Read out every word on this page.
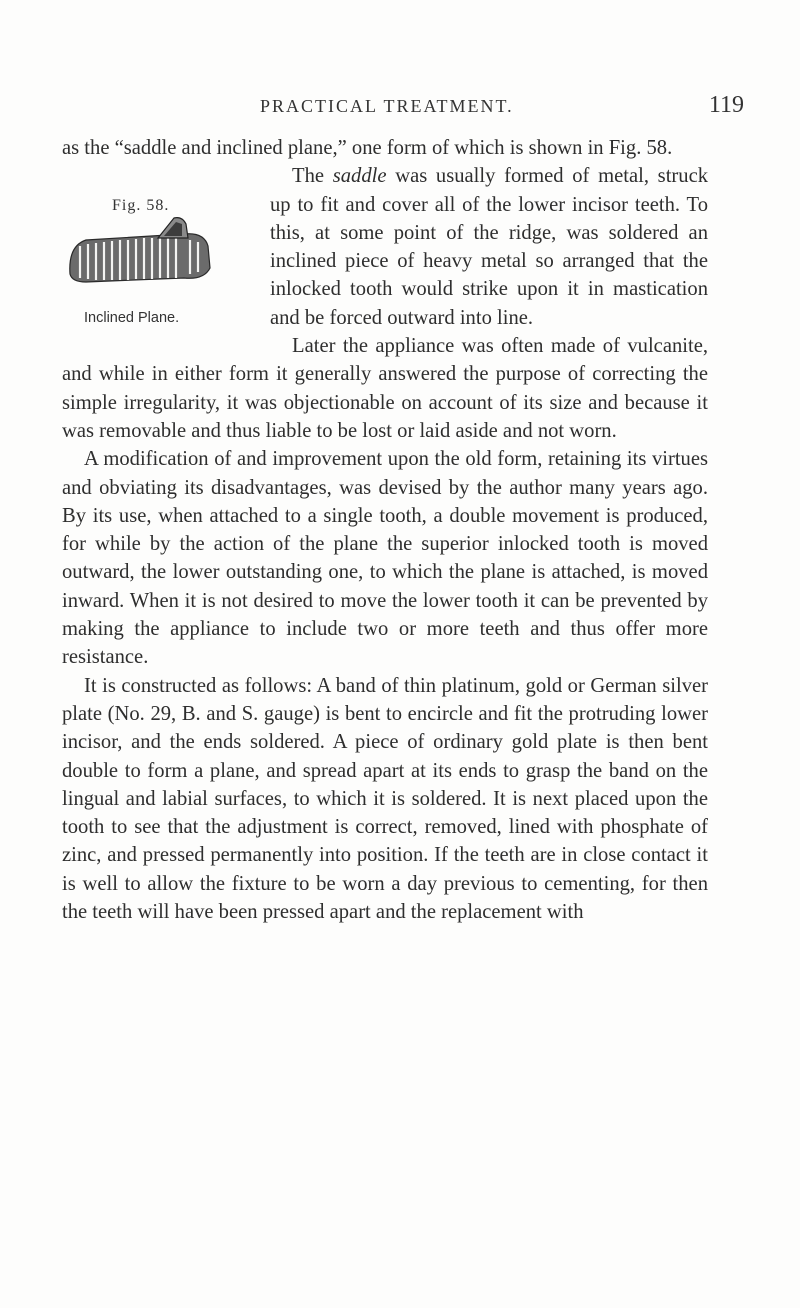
PRACTICAL TREATMENT.	119

as the “saddle and inclined plane,” one form of which is shown in Fig. 58.

Fig. 58.
Inclined Plane.
The saddle was usually formed of metal, struck up to fit and cover all of the lower incisor teeth. To this, at some point of the ridge, was soldered an inclined piece of heavy metal so arranged that the inlocked tooth would strike upon it in mastication and be forced outward into line.

Later the appliance was often made of vulcanite, and while in either form it generally answered the purpose of correcting the simple irregularity, it was objectionable on account of its size and because it was removable and thus liable to be lost or laid aside and not worn.

A modification of and improvement upon the old form, retaining its virtues and obviating its disadvantages, was devised by the author many years ago. By its use, when attached to a single tooth, a double movement is produced, for while by the action of the plane the superior inlocked tooth is moved outward, the lower outstanding one, to which the plane is attached, is moved inward. When it is not desired to move the lower tooth it can be prevented by making the appliance to include two or more teeth and thus offer more resistance.

It is constructed as follows: A band of thin platinum, gold or German silver plate (No. 29, B. and S. gauge) is bent to encircle and fit the protruding lower incisor, and the ends soldered. A piece of ordinary gold plate is then bent double to form a plane, and spread apart at its ends to grasp the band on the lingual and labial surfaces, to which it is soldered. It is next placed upon the tooth to see that the adjustment is correct, removed, lined with phosphate of zinc, and pressed permanently into position. If the teeth are in close contact it is well to allow the fixture to be worn a day previous to cementing, for then the teeth will have been pressed apart and the replacement with
